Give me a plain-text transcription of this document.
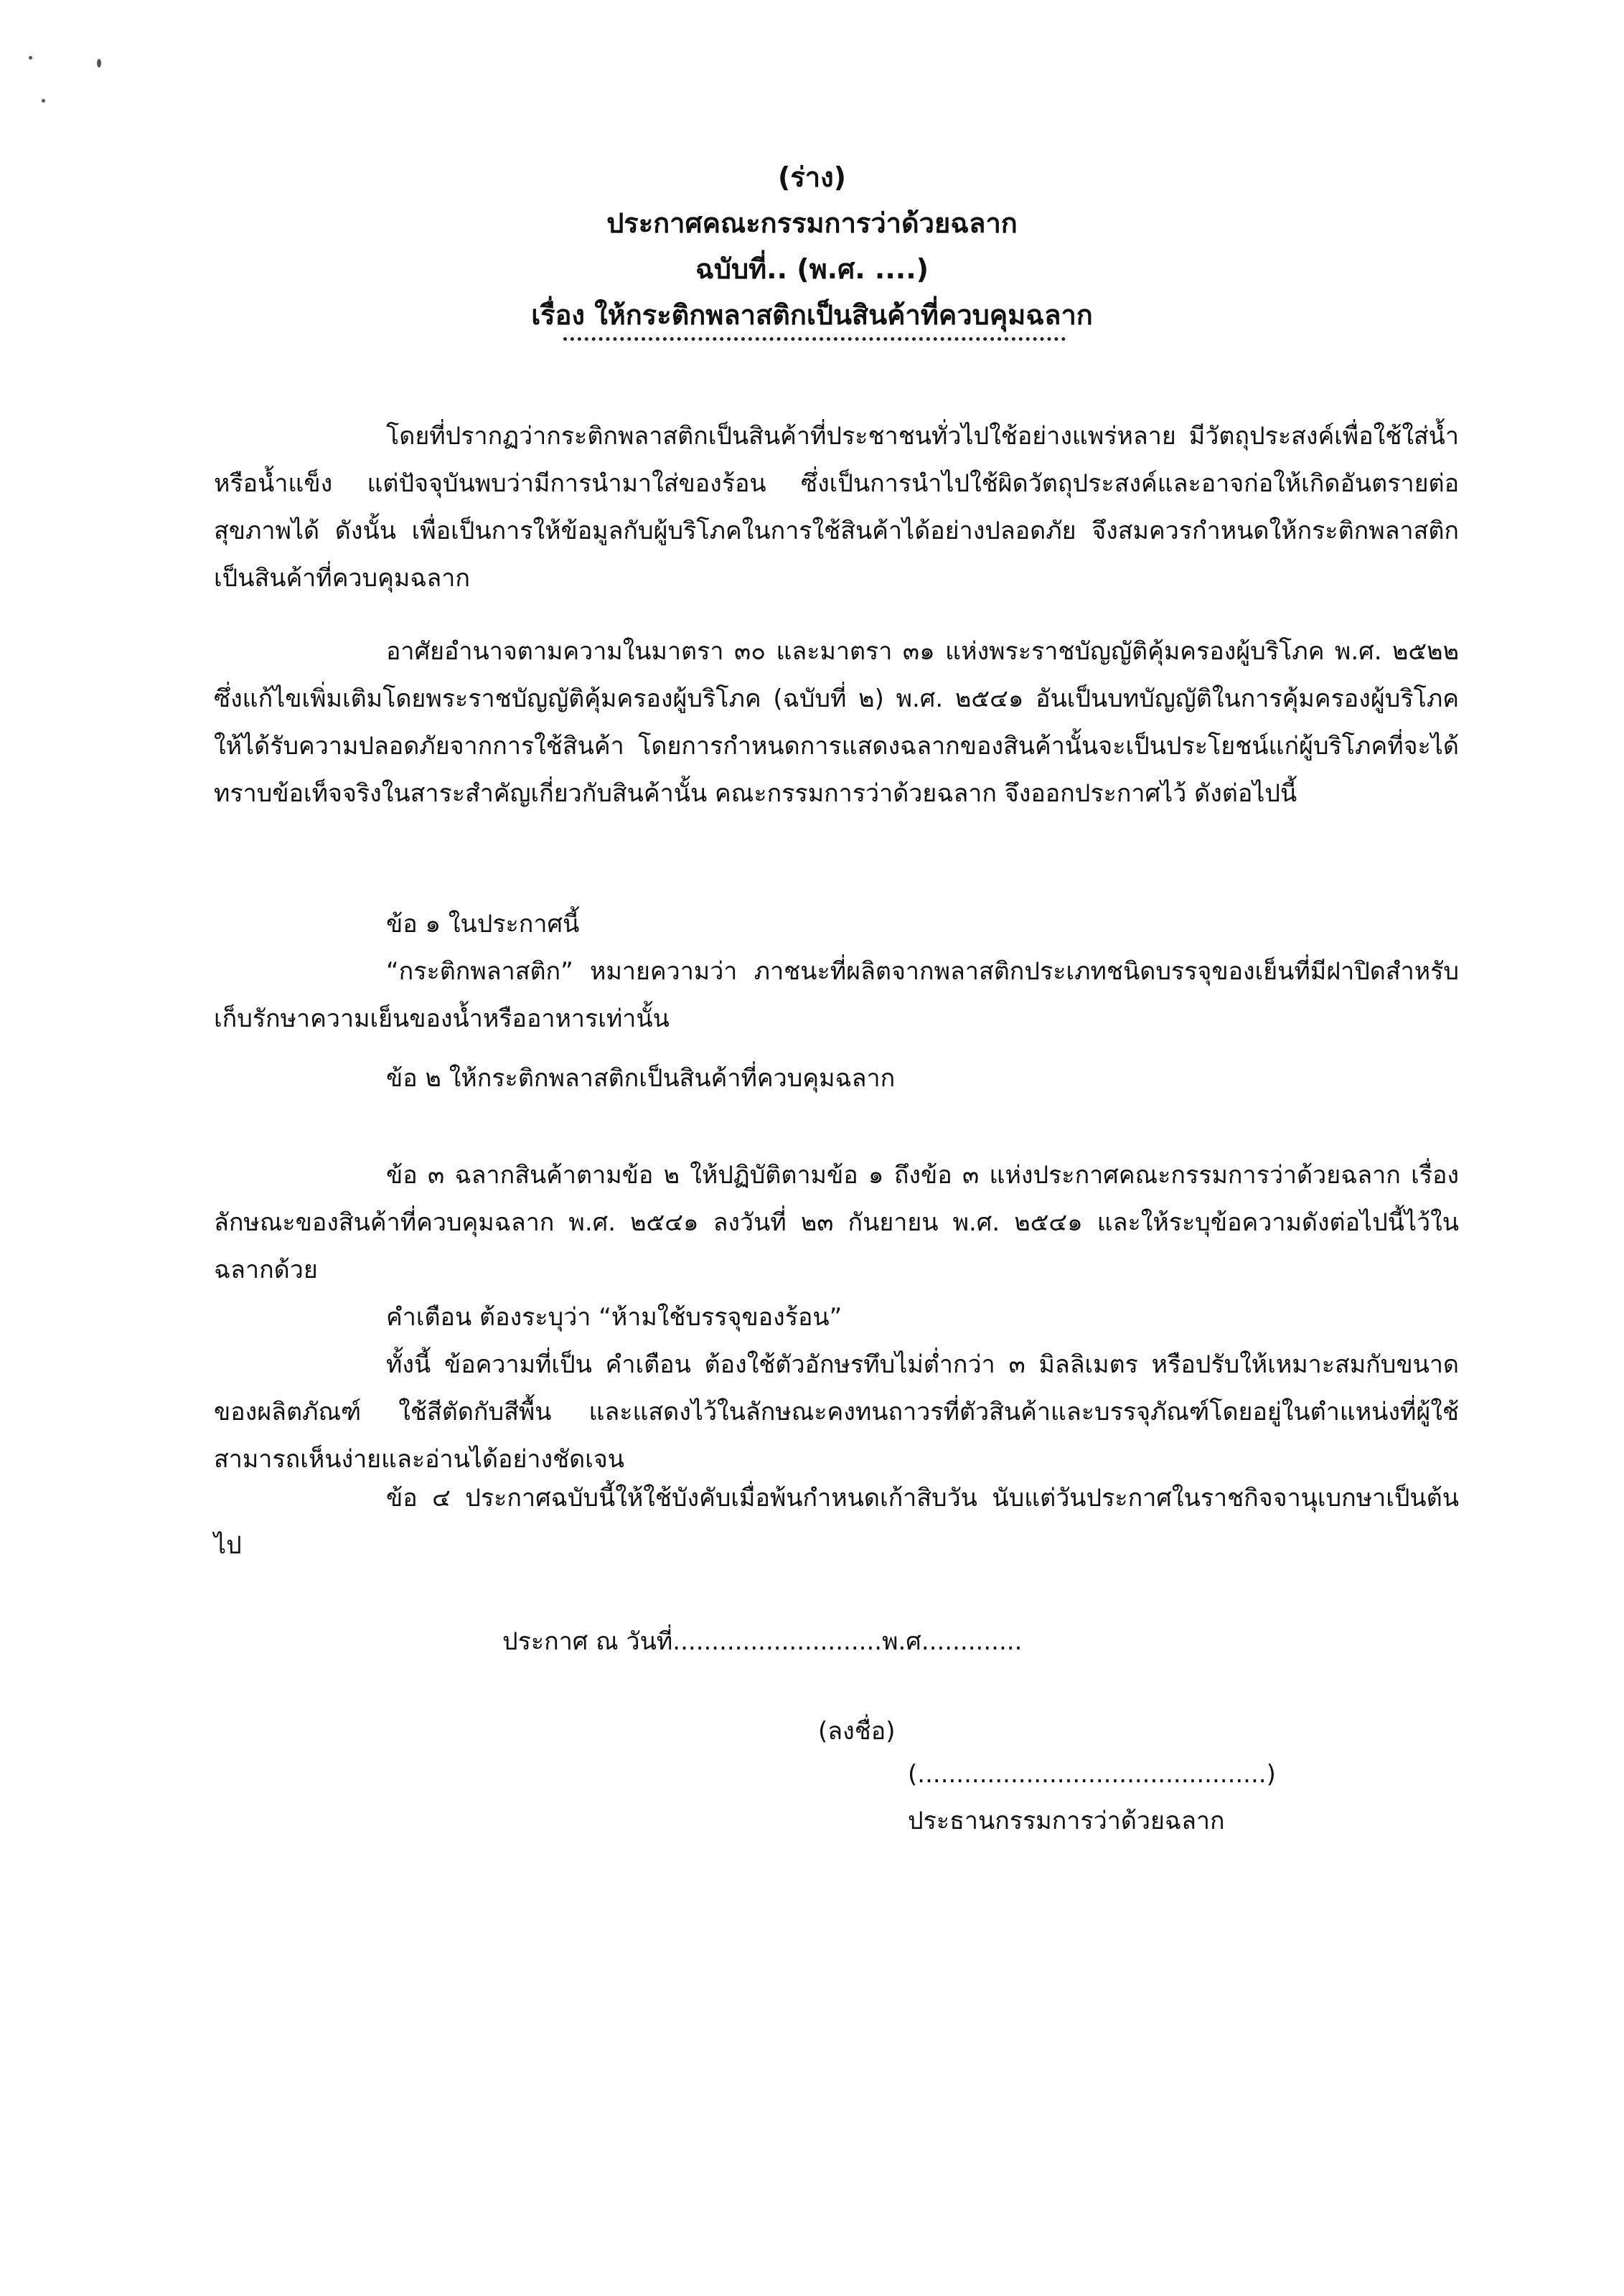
(ร่าง)
ประกาศคณะกรรมการว่าด้วยฉลาก
ฉบับที่.. (พ.ศ. ....)
เรื่อง ให้กระติกพลาสติกเป็นสินค้าที่ควบคุมฉลาก

โดยที่ปรากฏว่ากระติกพลาสติกเป็นสินค้าที่ประชาชนทั่วไปใช้อย่างแพร่หลาย มีวัตถุประสงค์เพื่อใช้ใส่น้ำ หรือน้ำแข็ง แต่ปัจจุบันพบว่ามีการนำมาใส่ของร้อน ซึ่งเป็นการนำไปใช้ผิดวัตถุประสงค์และอาจก่อให้เกิดอันตรายต่อสุขภาพได้ ดังนั้น เพื่อเป็นการให้ข้อมูลกับผู้บริโภคในการใช้สินค้าได้อย่างปลอดภัย จึงสมควรกำหนดให้กระติกพลาสติกเป็นสินค้าที่ควบคุมฉลาก

อาศัยอำนาจตามความในมาตรา ๓๐ และมาตรา ๓๑ แห่งพระราชบัญญัติคุ้มครองผู้บริโภค พ.ศ. ๒๕๒๒ ซึ่งแก้ไขเพิ่มเติมโดยพระราชบัญญัติคุ้มครองผู้บริโภค (ฉบับที่ ๒) พ.ศ. ๒๕๔๑ อันเป็นบทบัญญัติในการคุ้มครองผู้บริโภคให้ได้รับความปลอดภัยจากการใช้สินค้า โดยการกำหนดการแสดงฉลากของสินค้านั้นจะเป็นประโยชน์แก่ผู้บริโภคที่จะได้ทราบข้อเท็จจริงในสาระสำคัญเกี่ยวกับสินค้านั้น คณะกรรมการว่าด้วยฉลาก จึงออกประกาศไว้ ดังต่อไปนี้

ข้อ ๑ ในประกาศนี้

“กระติกพลาสติก” หมายความว่า ภาชนะที่ผลิตจากพลาสติกประเภทชนิดบรรจุของเย็นที่มีฝาปิดสำหรับเก็บรักษาความเย็นของน้ำหรืออาหารเท่านั้น

ข้อ ๒ ให้กระติกพลาสติกเป็นสินค้าที่ควบคุมฉลาก

ข้อ ๓ ฉลากสินค้าตามข้อ ๒ ให้ปฏิบัติตามข้อ ๑ ถึงข้อ ๓ แห่งประกาศคณะกรรมการว่าด้วยฉลาก เรื่อง ลักษณะของสินค้าที่ควบคุมฉลาก พ.ศ. ๒๕๔๑ ลงวันที่ ๒๓ กันยายน พ.ศ. ๒๕๔๑ และให้ระบุข้อความดังต่อไปนี้ไว้ในฉลากด้วย

คำเตือน ต้องระบุว่า “ห้ามใช้บรรจุของร้อน”

ทั้งนี้ ข้อความที่เป็น คำเตือน ต้องใช้ตัวอักษรทึบไม่ต่ำกว่า ๓ มิลลิเมตร หรือปรับให้เหมาะสมกับขนาดของผลิตภัณฑ์ ใช้สีตัดกับสีพื้น และแสดงไว้ในลักษณะคงทนถาวรที่ตัวสินค้าและบรรจุภัณฑ์โดยอยู่ในตำแหน่งที่ผู้ใช้สามารถเห็นง่ายและอ่านได้อย่างชัดเจน

ข้อ ๔ ประกาศฉบับนี้ให้ใช้บังคับเมื่อพ้นกำหนดเก้าสิบวัน นับแต่วันประกาศในราชกิจจานุเบกษาเป็นต้นไป

ประกาศ ณ วันที่...........................พ.ศ.............
(ลงชื่อ)
(.............................................)
ประธานกรรมการว่าด้วยฉลาก
